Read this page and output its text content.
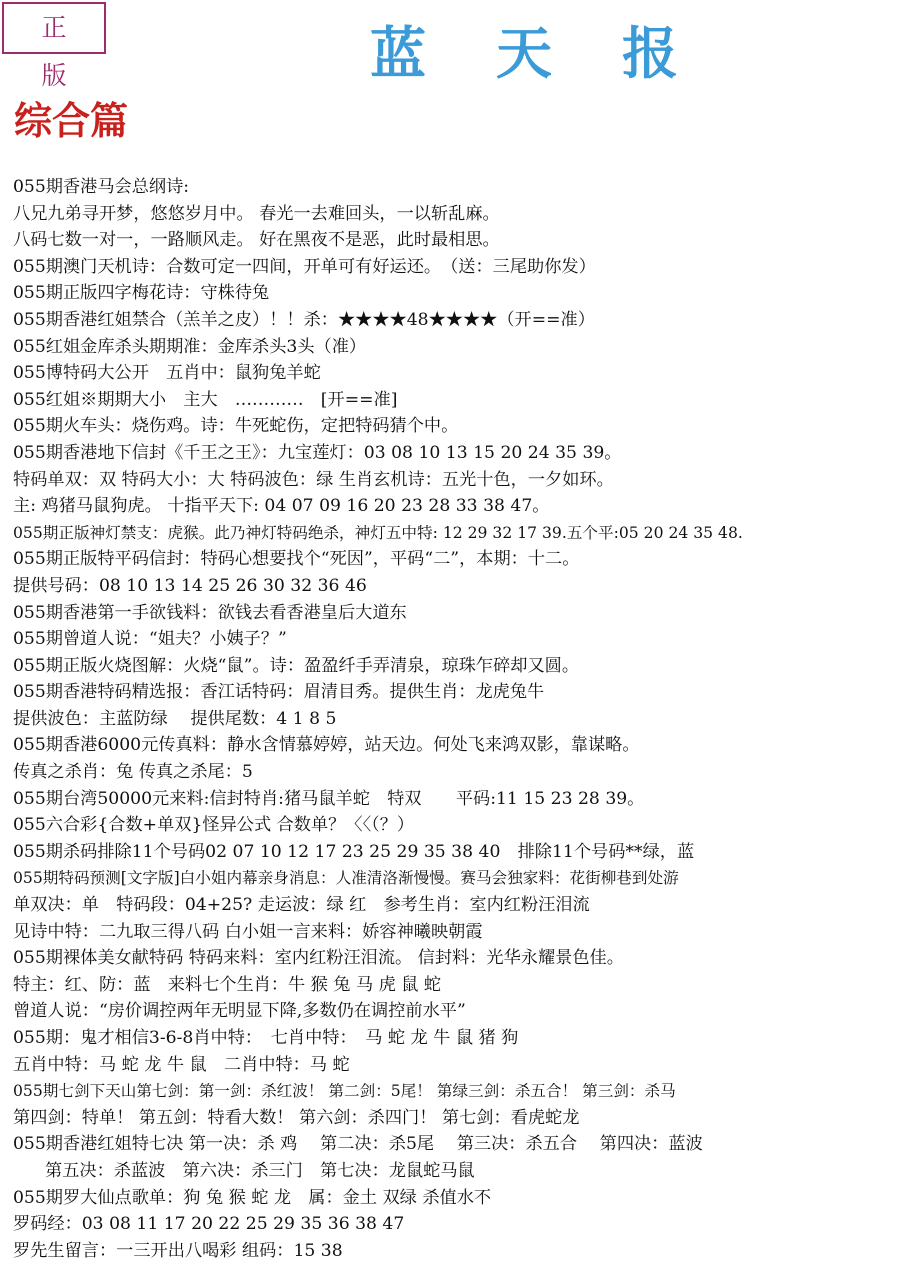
正版	蓝天报
综合篇
055期香港马会总纲诗:
八兄九弟寻开梦，悠悠岁月中。 春光一去难回头，一以斩乱麻。
八码七数一对一，一路顺风走。 好在黑夜不是恶，此时最相思。
055期澳门天机诗：合数可定一四间，开单可有好运还。　（送：三尾助你发）
055期正版四字梅花诗：守株待兔
055期香港红姐禁合（羔羊之皮）！！杀：★★★★48★★★★（开==准）
055红姐金库杀头期期准：金库杀头3头（准）
055博特码大公开　五肖中：鼠狗兔羊蛇
055红姐※期期大小　主大　…………　[开==准]
055期火车头：烧伤鸡。诗：牛死蛇伤，定把特码猜个中。
055期香港地下信封《千王之王》：九宝莲灯：03 08 10 13 15 20 24 35 39。
特码单双：双 特码大小：大 特码波色：绿 生肖玄机诗：五光十色，一夕如环。
主: 鸡猪马鼠狗虎。 十指平天下: 04 07 09 16 20 23 28 33 38 47。
055期正版神灯禁支：虎猴。此乃神灯特码绝杀，神灯五中特: 12 29 32 17 39.五个平:05 20 24 35 48.
055期正版特平码信封：特码心想要找个“死因”，平码“二”，本期：十二。
提供号码：08 10 13 14 25 26 30 32 36 46
055期香港第一手欲钱料：欲钱去看香港皇后大道东
055期曾道人说：“姐夫？小姨子？”
055期正版火烧图解：火烧“鼠”。诗：盈盈纤手弄清泉，琼珠乍碎却又圆。
055期香港特码精选报：香江话特码：眉清目秀。提供生肖：龙虎兔牛
提供波色：主蓝防绿　 提供尾数：4 1 8 5
055期香港6000元传真料：静水含情慕婷婷，站天边。何处飞来鸿双影，靠谋略。
传真之杀肖：兔 传真之杀尾：5
055期台湾50000元来料:信封特肖:猪马鼠羊蛇　特双　　平码:11 15 23 28 39。
055六合彩{合数+单双}怪异公式 合数单？〈〈（？）
055期杀码排除11个号码02 07 10 12 17 23 25 29 35 38 40　排除11个号码**绿，蓝
055期特码预测[文字版]白小姐内幕亲身消息：人准清洛渐慢慢。赛马会独家料：花街柳巷到处游
单双决：单　特码段：04+25? 走运波：绿 红　参考生肖：室内红粉汪泪流
见诗中特：二九取三得八码 白小姐一言来料：娇容神曦映朝霞
055期裸体美女献特码 特码来料：室内红粉汪泪流。 信封料：光华永耀景色佳。
特主：红、防：蓝　来料七个生肖：牛 猴 兔 马 虎 鼠 蛇
曾道人说：“房价调控两年无明显下降,多数仍在调控前水平”
055期：鬼才相信3-6-8肖中特：　七肖中特：　马 蛇 龙 牛 鼠 猪 狗
五肖中特：马 蛇 龙 牛 鼠　二肖中特：马 蛇
055期七剑下天山第七剑：第一剑：杀红波！ 第二剑：5尾！ 第绿三剑：杀五合！ 第三剑：杀马
第四剑：特单！ 第五剑：特看大数！ 第六剑：杀四门！ 第七剑：看虎蛇龙
055期香港红姐特七决 第一决：杀 鸡　 第二决：杀5尾　 第三决：杀五合　 第四决：蓝波
第五决：杀蓝波　第六决：杀三门　第七决：龙鼠蛇马鼠
055期罗大仙点歌单：狗 兔 猴 蛇 龙　属：金土 双绿 杀值水不
罗码经：03 08 11 17 20 22 25 29 35 36 38 47
罗先生留言：一三开出八喝彩 组码：15 38
